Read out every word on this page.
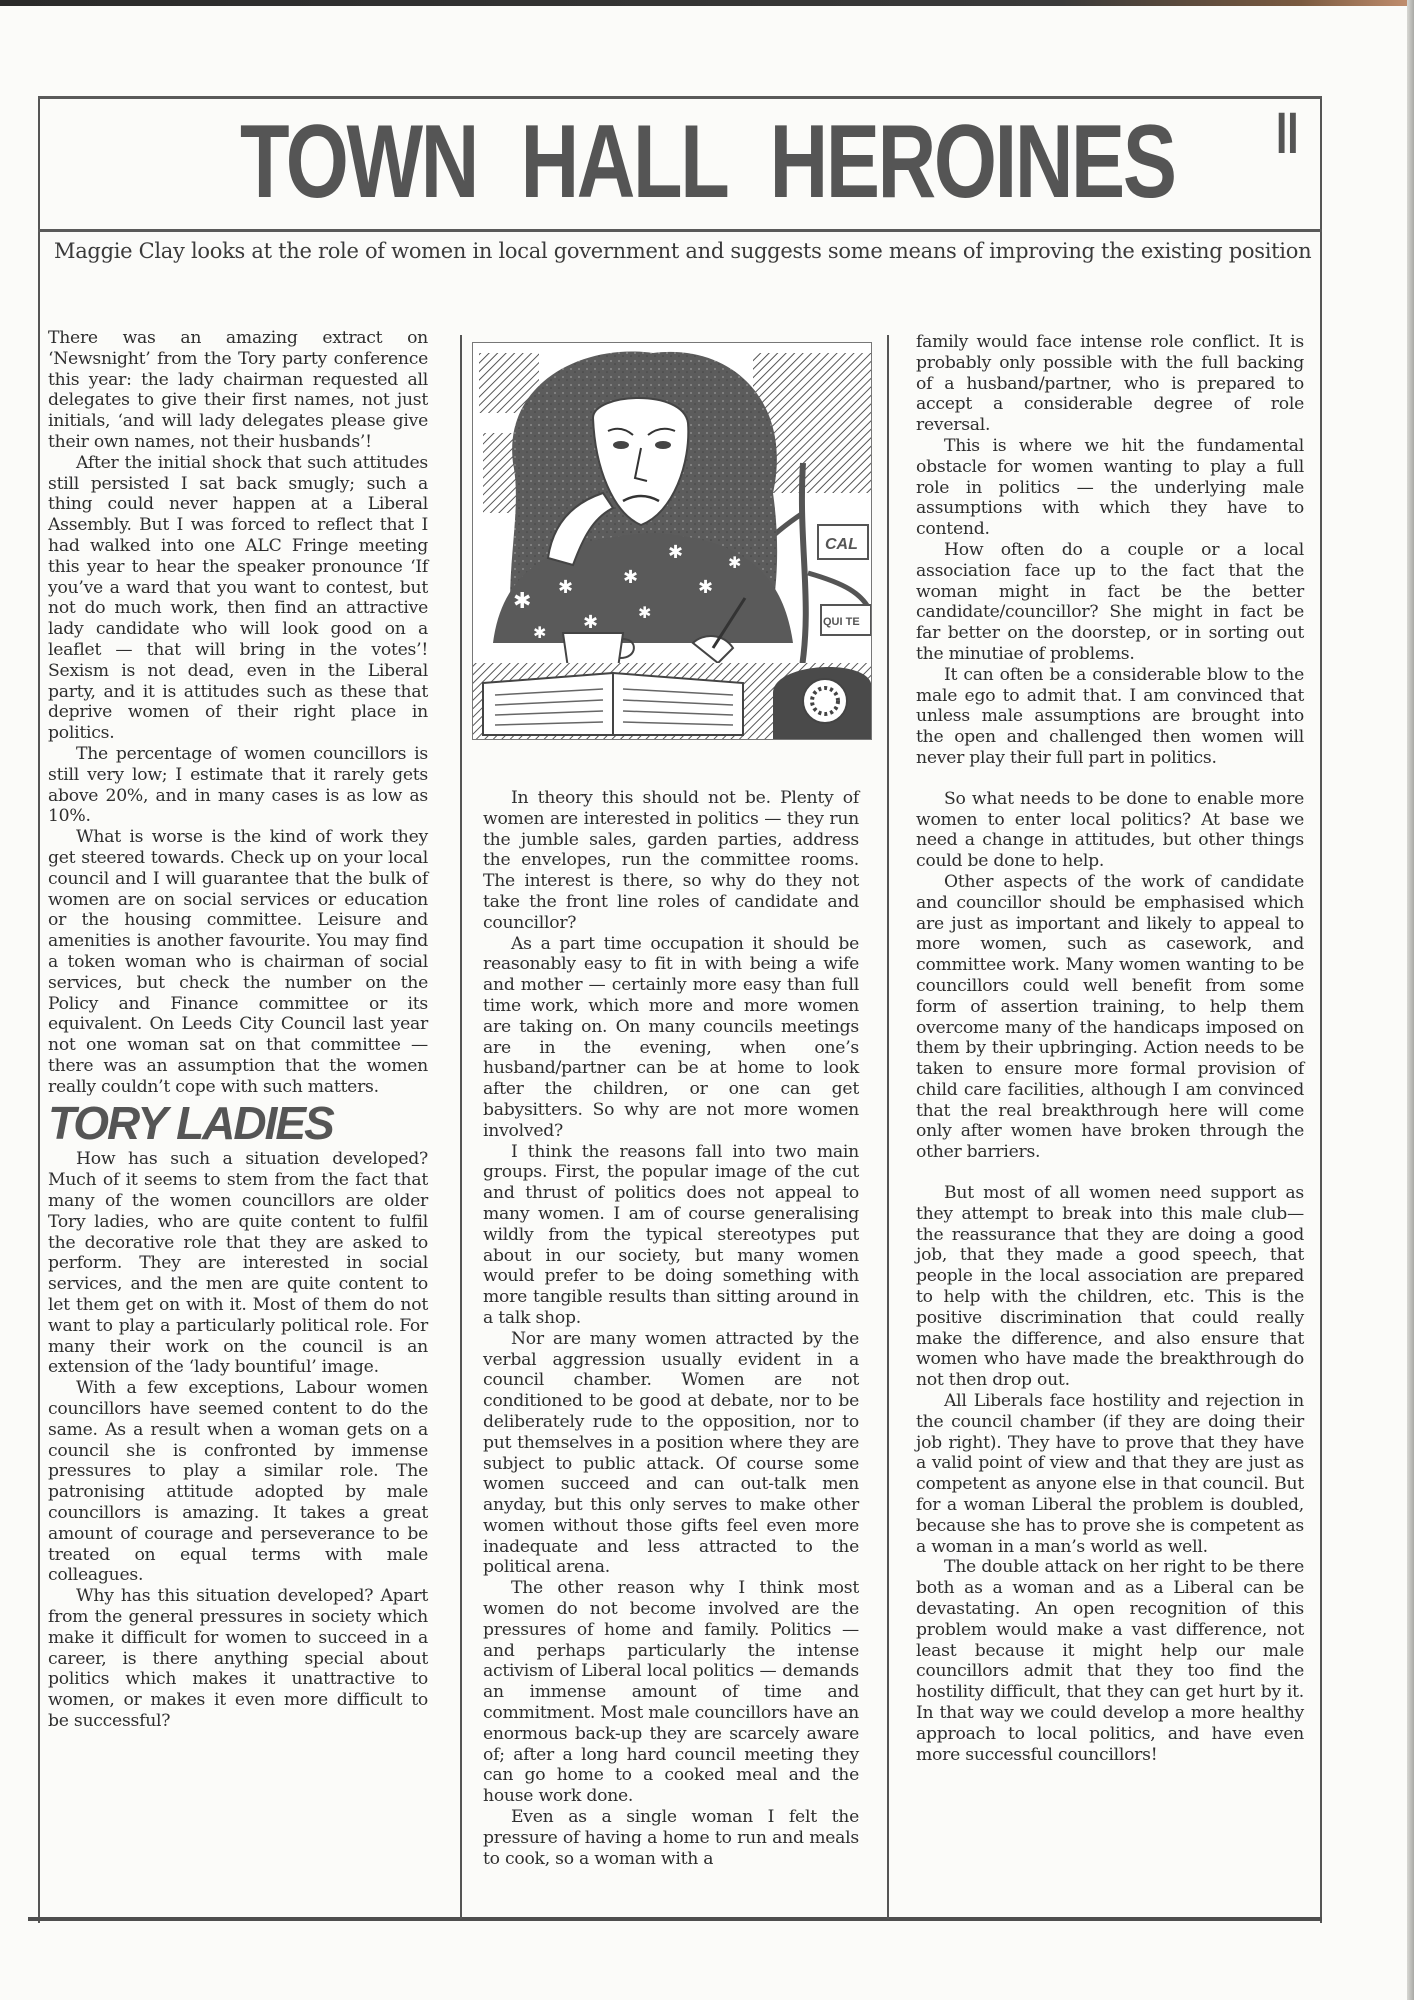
TOWN HALL HEROINES II
Maggie Clay looks at the role of women in local government and suggests some means of improving the existing position

There was an amazing extract on ‘Newsnight’ from the Tory party conference this year: the lady chairman requested all delegates to give their first names, not just initials, ‘and will lady delegates please give their own names, not their husbands’!

After the initial shock that such attitudes still persisted I sat back smugly; such a thing could never happen at a Liberal Assembly. But I was forced to reflect that I had walked into one ALC Fringe meeting this year to hear the speaker pronounce ‘If you’ve a ward that you want to contest, but not do much work, then find an attractive lady candidate who will look good on a leaflet — that will bring in the votes’! Sexism is not dead, even in the Liberal party, and it is attitudes such as these that deprive women of their right place in politics.

The percentage of women councillors is still very low; I estimate that it rarely gets above 20%, and in many cases is as low as 10%.

What is worse is the kind of work they get steered towards. Check up on your local council and I will guarantee that the bulk of women are on social services or education or the housing committee. Leisure and amenities is another favourite. You may find a token woman who is chairman of social services, but check the number on the Policy and Finance committee or its equivalent. On Leeds City Council last year not one woman sat on that committee — there was an assumption that the women really couldn’t cope with such matters.

TORY LADIES

How has such a situation developed? Much of it seems to stem from the fact that many of the women councillors are older Tory ladies, who are quite content to fulfil the decorative role that they are asked to perform. They are interested in social services, and the men are quite content to let them get on with it. Most of them do not want to play a particularly political role. For many their work on the council is an extension of the ‘lady bountiful’ image.

With a few exceptions, Labour women councillors have seemed content to do the same. As a result when a woman gets on a council she is confronted by immense pressures to play a similar role. The patronising attitude adopted by male councillors is amazing. It takes a great amount of courage and perseverance to be treated on equal terms with male colleagues.

Why has this situation developed? Apart from the general pressures in society which make it difficult for women to succeed in a career, is there anything special about politics which makes it unattractive to women, or makes it even more difficult to be successful?

CAL
QUI TE
✱
✱	✱
✱
✱
✱ ✱
✱
✱

In theory this should not be. Plenty of women are interested in politics — they run the jumble sales, garden parties, address the envelopes, run the committee rooms. The interest is there, so why do they not take the front line roles of candidate and councillor?

As a part time occupation it should be reasonably easy to fit in with being a wife and mother — certainly more easy than full time work, which more and more women are taking on. On many councils meetings are in the evening, when one’s husband/partner can be at home to look after the children, or one can get babysitters. So why are not more women involved?

I think the reasons fall into two main groups. First, the popular image of the cut and thrust of politics does not appeal to many women. I am of course generalising wildly from the typical stereotypes put about in our society, but many women would prefer to be doing something with more tangible results than sitting around in a talk shop.

Nor are many women attracted by the verbal aggression usually evident in a council chamber. Women are not conditioned to be good at debate, nor to be deliberately rude to the opposition, nor to put themselves in a position where they are subject to public attack. Of course some women succeed and can out-talk men anyday, but this only serves to make other women without those gifts feel even more inadequate and less attracted to the political arena.

The other reason why I think most women do not become involved are the pressures of home and family. Politics — and perhaps particularly the intense activism of Liberal local politics — demands an immense amount of time and commitment. Most male councillors have an enormous back-up they are scarcely aware of; after a long hard council meeting they can go home to a cooked meal and the house work done.

Even as a single woman I felt the pressure of having a home to run and meals to cook, so a woman with a

family would face intense role conflict. It is probably only possible with the full backing of a husband/partner, who is prepared to accept a considerable degree of role reversal.

This is where we hit the fundamental obstacle for women wanting to play a full role in politics — the underlying male assumptions with which they have to contend.

How often do a couple or a local association face up to the fact that the woman might in fact be the better candidate/councillor? She might in fact be far better on the doorstep, or in sorting out the minutiae of problems.

It can often be a considerable blow to the male ego to admit that. I am convinced that unless male assumptions are brought into the open and challenged then women will never play their full part in politics.

So what needs to be done to enable more women to enter local politics? At base we need a change in attitudes, but other things could be done to help.

Other aspects of the work of candidate and councillor should be emphasised which are just as important and likely to appeal to more women, such as casework, and committee work. Many women wanting to be councillors could well benefit from some form of assertion training, to help them overcome many of the handicaps imposed on them by their upbringing. Action needs to be taken to ensure more formal provision of child care facilities, although I am convinced that the real breakthrough here will come only after women have broken through the other barriers.

But most of all women need support as they attempt to break into this male club—the reassurance that they are doing a good job, that they made a good speech, that people in the local association are prepared to help with the children, etc. This is the positive discrimination that could really make the difference, and also ensure that women who have made the breakthrough do not then drop out.

All Liberals face hostility and rejection in the council chamber (if they are doing their job right). They have to prove that they have a valid point of view and that they are just as competent as anyone else in that council. But for a woman Liberal the problem is doubled, because she has to prove she is competent as a woman in a man’s world as well.

The double attack on her right to be there both as a woman and as a Liberal can be devastating. An open recognition of this problem would make a vast difference, not least because it might help our male councillors admit that they too find the hostility difficult, that they can get hurt by it. In that way we could develop a more healthy approach to local politics, and have even more successful councillors!
